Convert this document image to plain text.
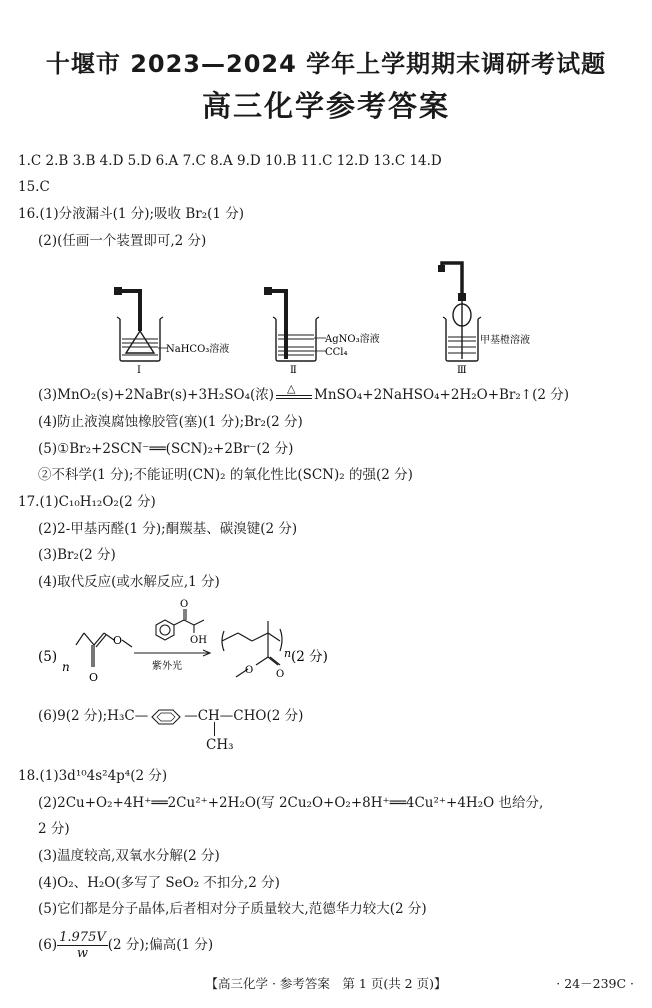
十堰市 2023—2024 学年上学期期末调研考试题
高三化学参考答案
1.C 2.B 3.B 4.D 5.D 6.A 7.C 8.A 9.D 10.B 11.C 12.D 13.C 14.D
15.C
16.(1)分液漏斗(1 分);吸收 Br₂(1 分)
(2)(任画一个装置即可,2 分)
NaHCO₃溶液
Ⅰ
AgNO₃溶液
CCl₄
Ⅱ
甲基橙溶液
Ⅲ
(3)MnO₂(s)+2NaBr(s)+3H₂SO₄(浓) △ MnSO₄+2NaHSO₄+2H₂O+Br₂↑(2 分)
(4)防止液溴腐蚀橡胶管(塞)(1 分);Br₂(2 分)
(5)①Br₂+2SCN⁻══(SCN)₂+2Br⁻(2 分)
②不科学(1 分);不能证明(CN)₂ 的氧化性比(SCN)₂ 的强(2 分)
17.(1)C₁₀H₁₂O₂(2 分)
(2)2-甲基丙醛(1 分);酮羰基、碳溴键(2 分)
(3)Br₂(2 分)
(4)取代反应(或水解反应,1 分)
(5)
n
O
O
O
OH
紫外光
n (2 分)
O O
(6)9(2 分);H₃C—	—CH—CHO(2 分)
CH₃
18.(1)3d¹⁰4s²4p⁴(2 分)
(2)2Cu+O₂+4H⁺══2Cu²⁺+2H₂O(写 2Cu₂O+O₂+8H⁺══4Cu²⁺+4H₂O 也给分,
2 分)
(3)温度较高,双氧水分解(2 分)
(4)O₂、H₂O(多写了 SeO₂ 不扣分,2 分)
(5)它们都是分子晶体,后者相对分子质量较大,范德华力较大(2 分)
$(6) \frac{1.975V}{w} (2$ 分);偏高(1 分)
【高三化学 · 参考答案　第 1 页(共 2 页)】	· 24－239C ·
